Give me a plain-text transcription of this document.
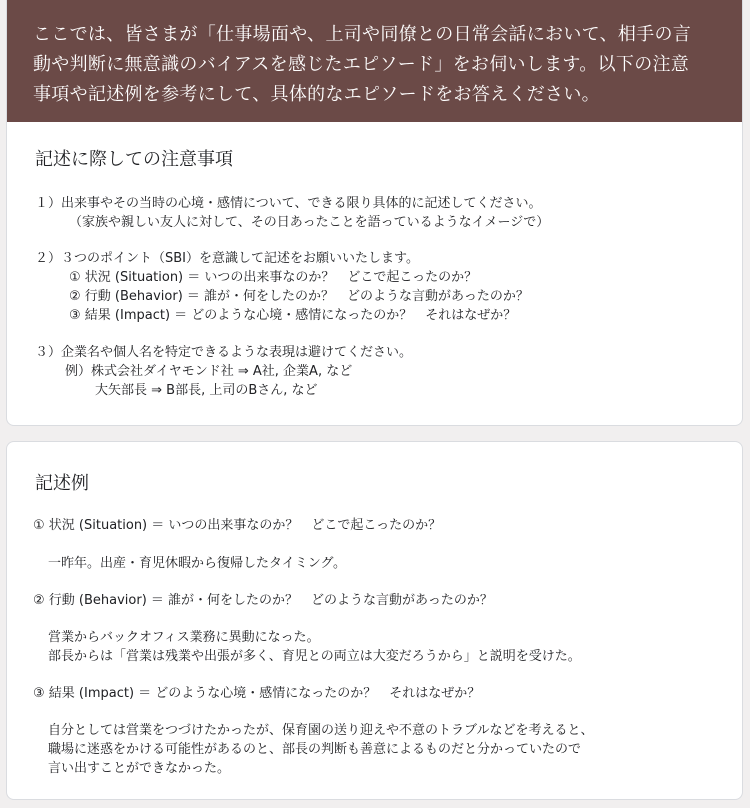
ここでは、皆さまが「仕事場面や、上司や同僚との日常会話において、相手の言
動や判断に無意識のバイアスを感じたエピソード」をお伺いします。以下の注意
事項や記述例を参考にして、具体的なエピソードをお答えください。
記述に際しての注意事項
１）出来事やその当時の心境・感情について、できる限り具体的に記述してください。
（家族や親しい友人に対して、その日あったことを語っているようなイメージで）
２）３つのポイント（SBI）を意識して記述をお願いいたします。
① 状況 (Situation) ＝ いつの出来事なのか？　どこで起こったのか？
② 行動 (Behavior) ＝ 誰が・何をしたのか？　どのような言動があったのか？
③ 結果 (Impact) ＝ どのような心境・感情になったのか？　それはなぜか？
３）企業名や個人名を特定できるような表現は避けてください。
例）株式会社ダイヤモンド社 ⇒ A社, 企業A, など
大矢部長 ⇒ B部長, 上司のBさん, など
記述例
① 状況 (Situation) ＝ いつの出来事なのか？　どこで起こったのか？
一昨年。出産・育児休暇から復帰したタイミング。
② 行動 (Behavior) ＝ 誰が・何をしたのか？　どのような言動があったのか？
営業からバックオフィス業務に異動になった。
部長からは「営業は残業や出張が多く、育児との両立は大変だろうから」と説明を受けた。
③ 結果 (Impact) ＝ どのような心境・感情になったのか？　それはなぜか？
自分としては営業をつづけたかったが、保育園の送り迎えや不意のトラブルなどを考えると、
職場に迷惑をかける可能性があるのと、部長の判断も善意によるものだと分かっていたので
言い出すことができなかった。
